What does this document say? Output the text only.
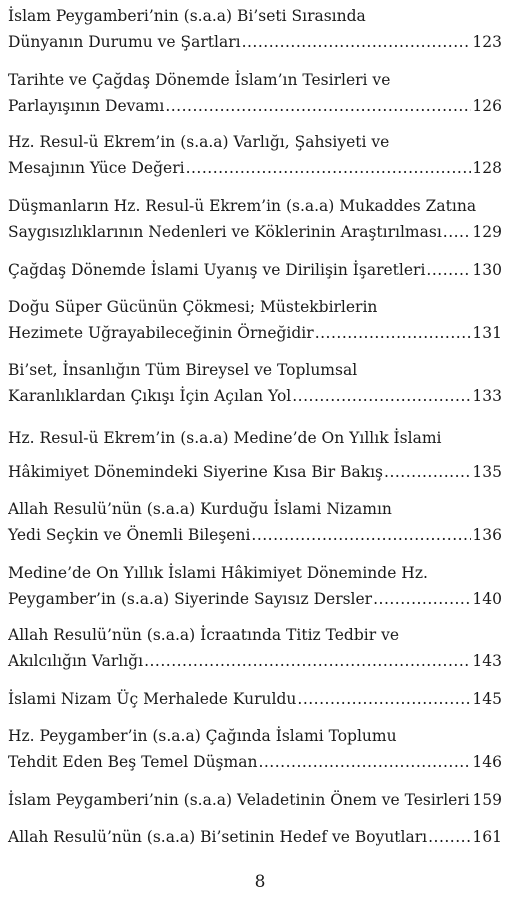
İslam Peygamberi’nin (s.a.a) Bi’seti Sırasında
Dünyanın Durumu ve Şartları .....	123
Tarihte ve Çağdaş Dönemde İslam’ın Tesirleri ve
Parlayışının Devamı .....	126
Hz. Resul-ü Ekrem’in (s.a.a) Varlığı, Şahsiyeti ve
Mesajının Yüce Değeri .....	128
Düşmanların Hz. Resul-ü Ekrem’in (s.a.a) Mukaddes Zatına
Saygısızlıklarının Nedenleri ve Köklerinin Araştırılması ..... 129
Çağdaş Dönemde İslami Uyanış ve Dirilişin İşaretleri .....	130
Doğu Süper Gücünün Çökmesi; Müstekbirlerin
Hezimete Uğrayabileceğinin Örneğidir .....	131
Bi’set, İnsanlığın Tüm Bireysel ve Toplumsal
Karanlıklardan Çıkışı İçin Açılan Yol .....	133
Hz. Resul-ü Ekrem’in (s.a.a) Medine’de On Yıllık İslami
Hâkimiyet Dönemindeki Siyerine Kısa Bir Bakış .....	135
Allah Resulü’nün (s.a.a) Kurduğu İslami Nizamın
Yedi Seçkin ve Önemli Bileşeni .....	136
Medine’de On Yıllık İslami Hâkimiyet Döneminde Hz.
Peygamber’in (s.a.a) Siyerinde Sayısız Dersler .....	140
Allah Resulü’nün (s.a.a) İcraatında Titiz Tedbir ve
Akılcılığın Varlığı .....	143
İslami Nizam Üç Merhalede Kuruldu .....	145
Hz. Peygamber’in (s.a.a) Çağında İslami Toplumu
Tehdit Eden Beş Temel Düşman .....	146
İslam Peygamberi’nin (s.a.a) Veladetinin Önem ve Tesirleri ..... 159
Allah Resulü’nün (s.a.a) Bi’setinin Hedef ve Boyutları .....	161
8
